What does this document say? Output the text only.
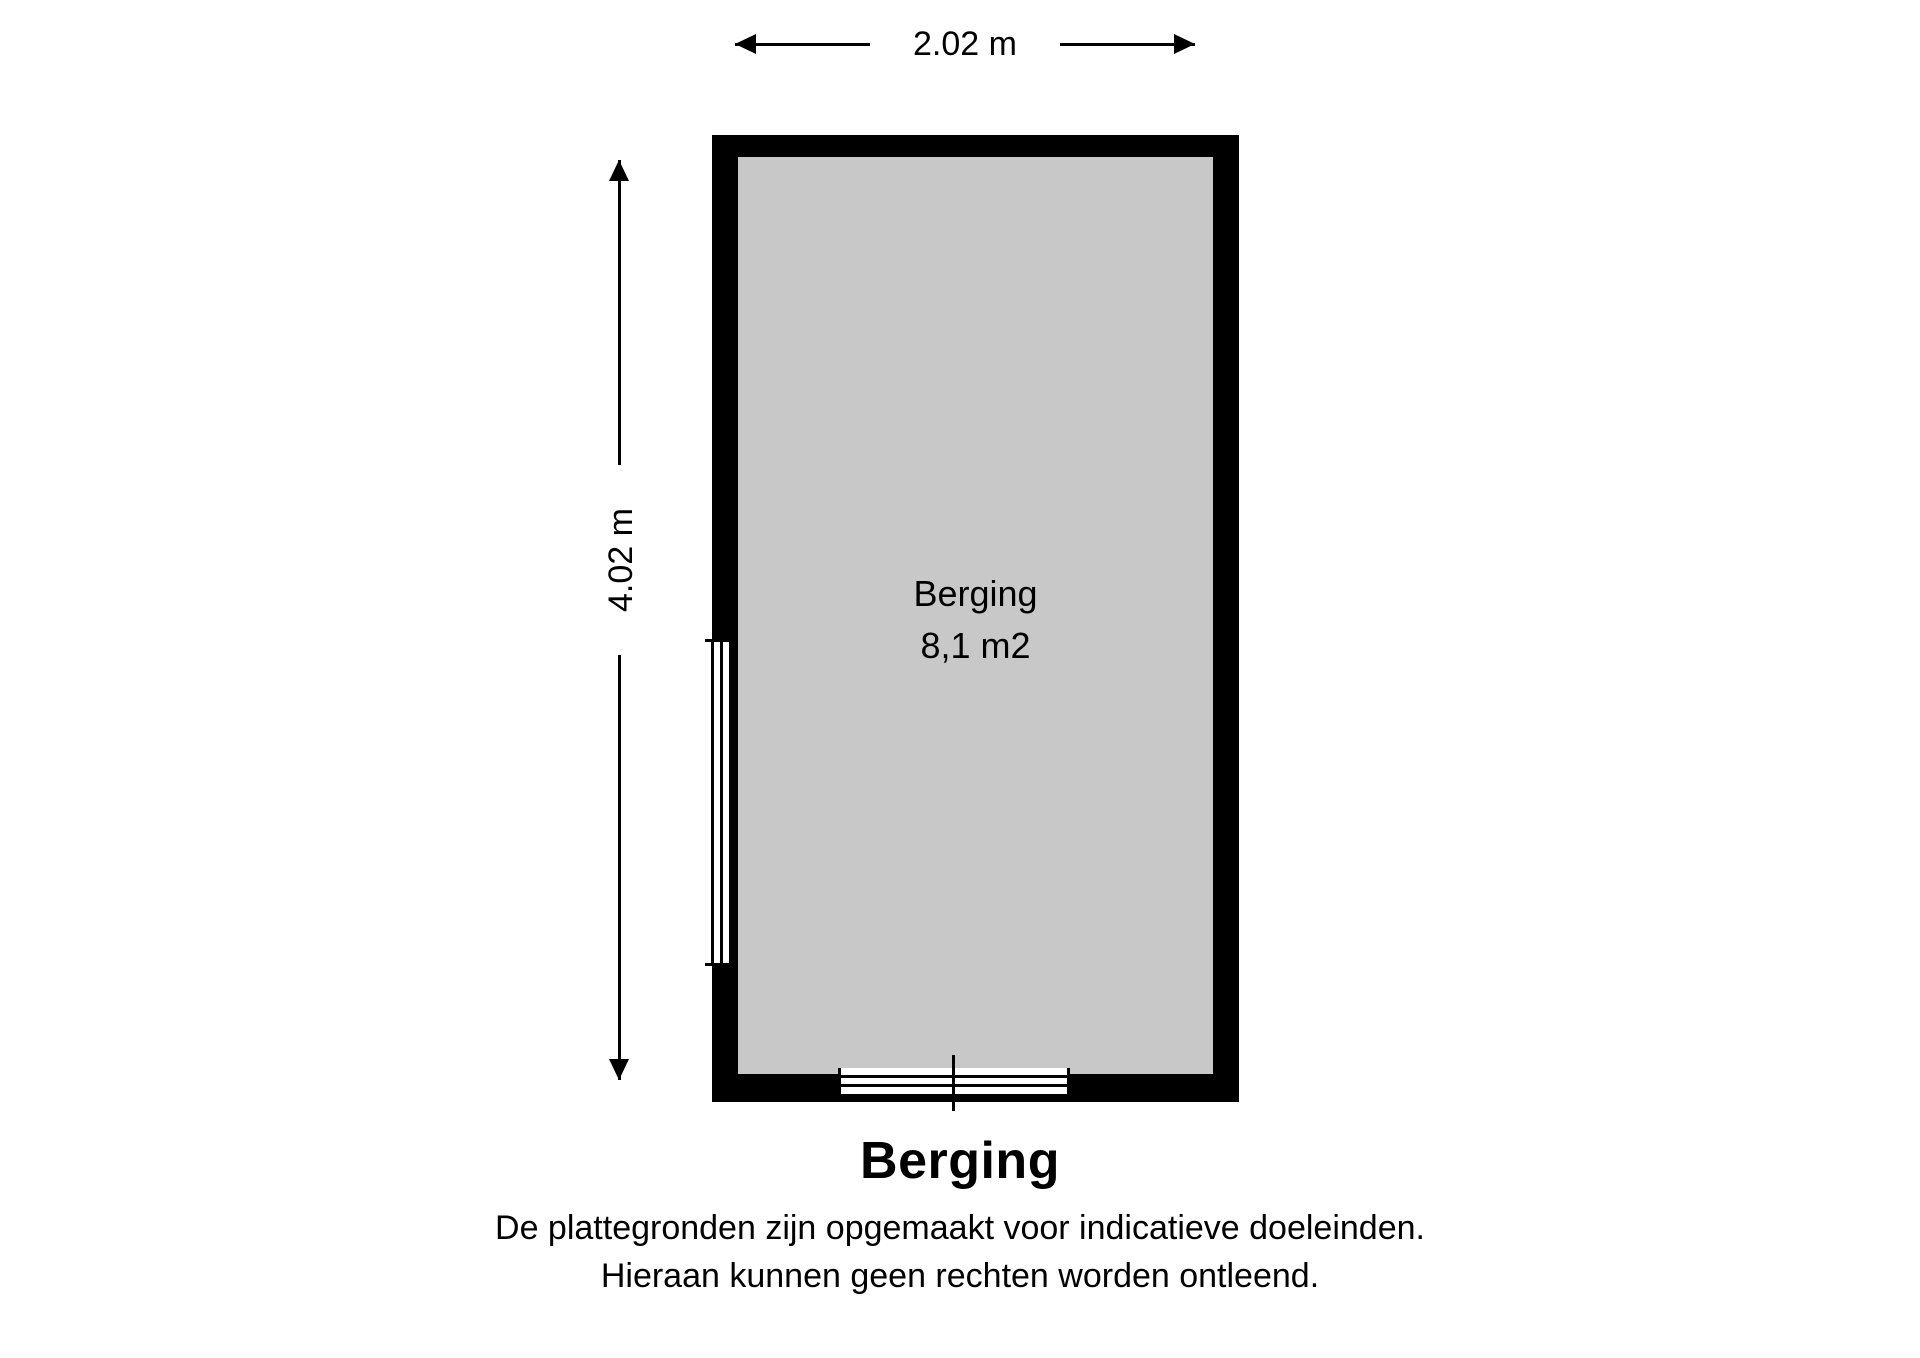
2.02 m
4.02 m	Berging
8,1 m2
Berging
De plattegronden zijn opgemaakt voor indicatieve doeleinden.
Hieraan kunnen geen rechten worden ontleend.
